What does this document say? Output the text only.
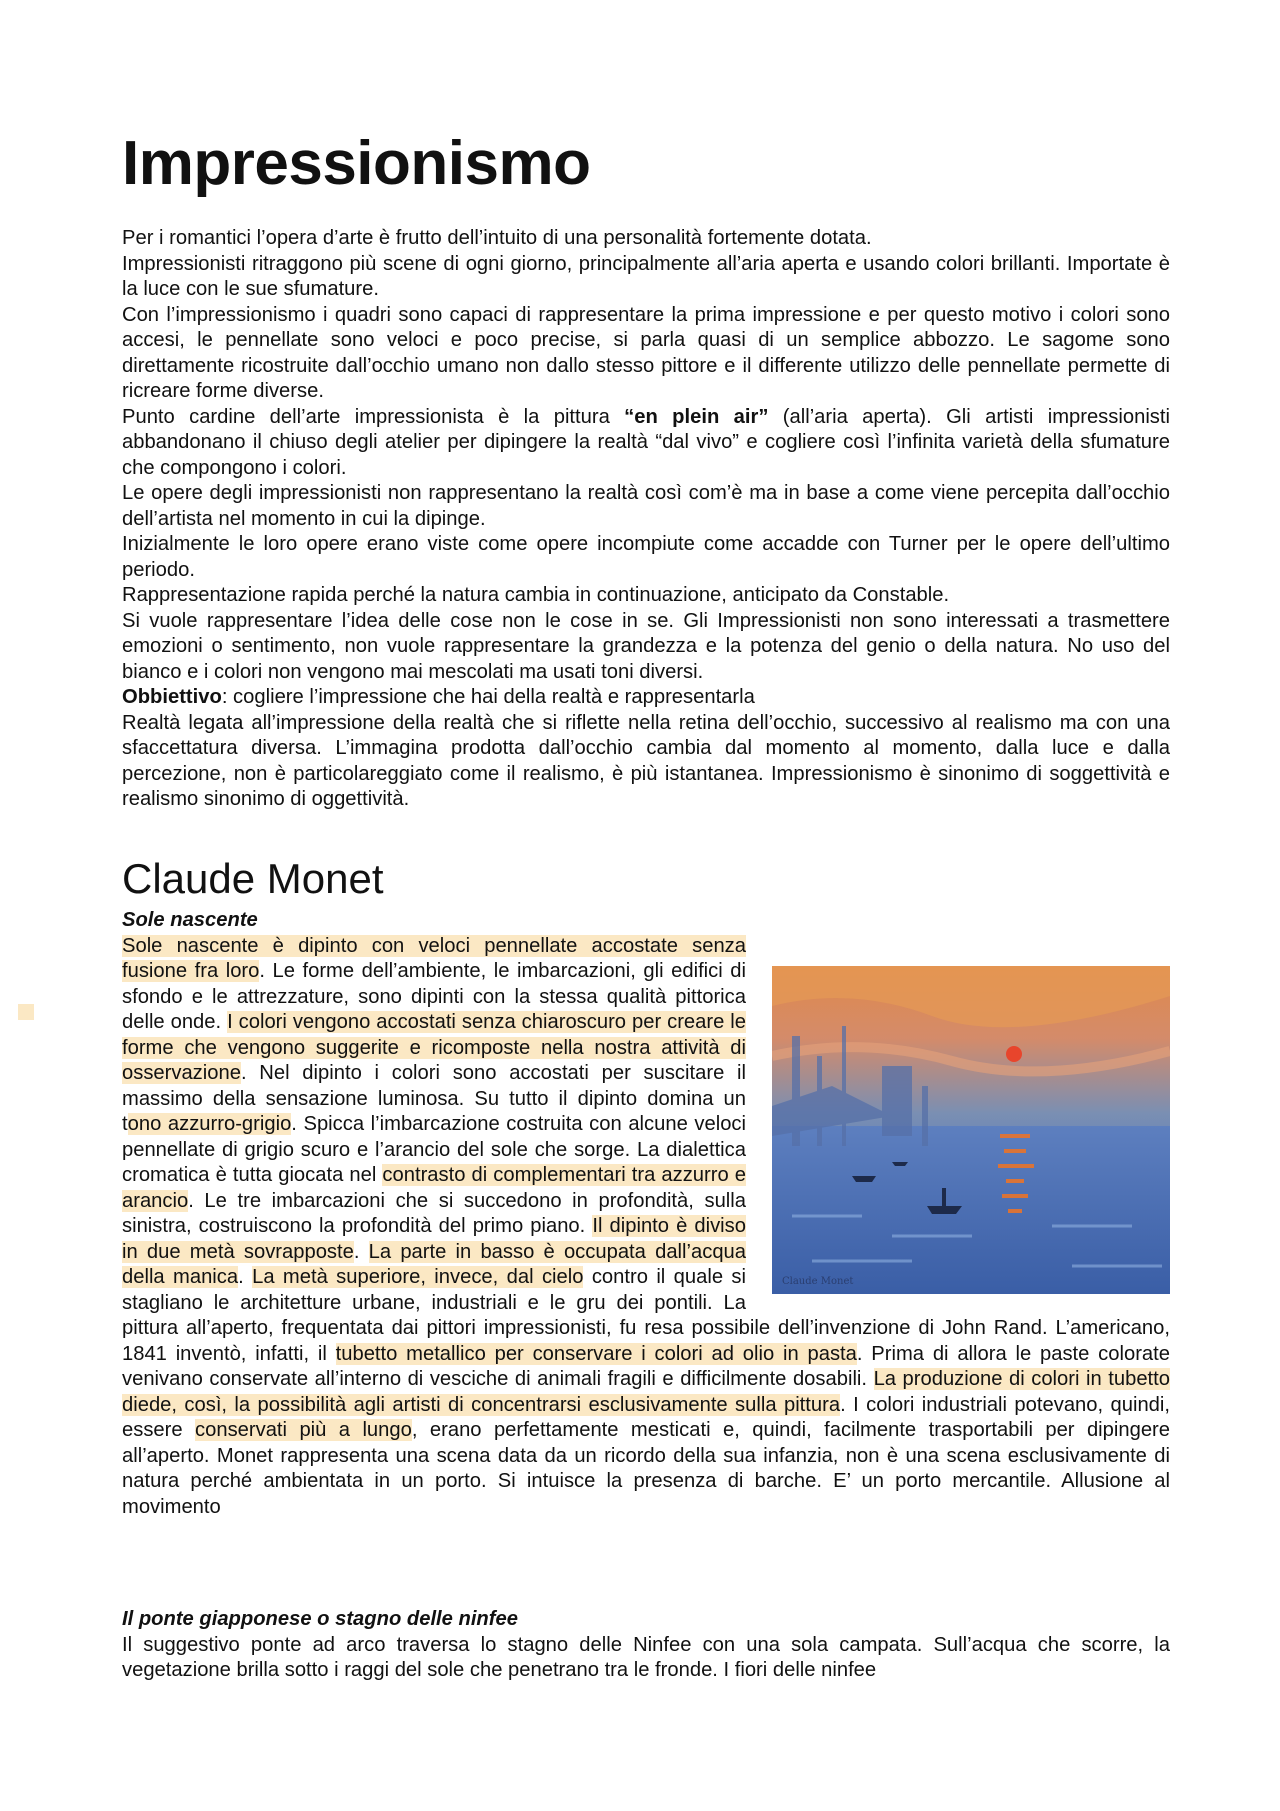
Impressionismo

Per i romantici l’opera d’arte è frutto dell’intuito di una personalità fortemente dotata.

Impressionisti ritraggono più scene di ogni giorno, principalmente all’aria aperta e usando colori brillanti. Importate è la luce con le sue sfumature.

Con l’impressionismo i quadri sono capaci di rappresentare la prima impressione e per questo motivo i colori sono accesi, le pennellate sono veloci e poco precise, si parla quasi di un semplice abbozzo. Le sagome sono direttamente ricostruite dall’occhio umano non dallo stesso pittore e il differente utilizzo delle pennellate permette di ricreare forme diverse.

Punto cardine dell’arte impressionista è la pittura “en plein air” (all’aria aperta). Gli artisti impressionisti abbandonano il chiuso degli atelier per dipingere la realtà “dal vivo” e cogliere così l’infinita varietà della sfumature che compongono i colori.

Le opere degli impressionisti non rappresentano la realtà così com’è ma in base a come viene percepita dall’occhio dell’artista nel momento in cui la dipinge.

Inizialmente le loro opere erano viste come opere incompiute come accadde con Turner per le opere dell’ultimo periodo.

Rappresentazione rapida perché la natura cambia in continuazione, anticipato da Constable.

Si vuole rappresentare l’idea delle cose non le cose in se. Gli Impressionisti non sono interessati a trasmettere emozioni o sentimento, non vuole rappresentare la grandezza e la potenza del genio o della natura. No uso del bianco e i colori non vengono mai mescolati ma usati toni diversi.

Obbiettivo: cogliere l’impressione che hai della realtà e rappresentarla

Realtà legata all’impressione della realtà che si riflette nella retina dell’occhio, successivo al realismo ma con una sfaccettatura diversa. L’immagina prodotta dall’occhio cambia dal momento al momento, dalla luce e dalla percezione, non è particolareggiato come il realismo, è più istantanea. Impressionismo è sinonimo di soggettività e realismo sinonimo di oggettività.

Claude Monet
Sole nascente
Claude Monet

Sole nascente è dipinto con veloci pennellate accostate senza fusione fra loro. Le forme dell’ambiente, le imbarcazioni, gli edifici di sfondo e le attrezzature, sono dipinti con la stessa qualità pittorica delle onde. I colori vengono accostati senza chiaroscuro per creare le forme che vengono suggerite e ricomposte nella nostra attività di osservazione. Nel dipinto i colori sono accostati per suscitare il massimo della sensazione luminosa. Su tutto il dipinto domina un tono azzurro-grigio. Spicca l’imbarcazione costruita con alcune veloci pennellate di grigio scuro e l’arancio del sole che sorge. La dialettica cromatica è tutta giocata nel contrasto di complementari tra azzurro e arancio. Le tre imbarcazioni che si succedono in profondità, sulla sinistra, costruiscono la profondità del primo piano. Il dipinto è diviso in due metà sovrapposte. La parte in basso è occupata dall’acqua della manica. La metà superiore, invece, dal cielo contro il quale si stagliano le architetture urbane, industriali e le gru dei pontili. La pittura all’aperto, frequentata dai pittori impressionisti, fu resa possibile dell’invenzione di John Rand. L’americano, 1841 inventò, infatti, il tubetto metallico per conservare i colori ad olio in pasta. Prima di allora le paste colorate venivano conservate all’interno di vesciche di animali fragili e difficilmente dosabili. La produzione di colori in tubetto diede, così, la possibilità agli artisti di concentrarsi esclusivamente sulla pittura. I colori industriali potevano, quindi, essere conservati più a lungo, erano perfettamente mesticati e, quindi, facilmente trasportabili per dipingere all’aperto. Monet rappresenta una scena data da un ricordo della sua infanzia, non è una scena esclusivamente di natura perché ambientata in un porto. Si intuisce la presenza di barche. E’ un porto mercantile. Allusione al movimento

Il ponte giapponese o stagno delle ninfee

Il suggestivo ponte ad arco traversa lo stagno delle Ninfee con una sola campata. Sull’acqua che scorre, la vegetazione brilla sotto i raggi del sole che penetrano tra le fronde. I fiori delle ninfee
